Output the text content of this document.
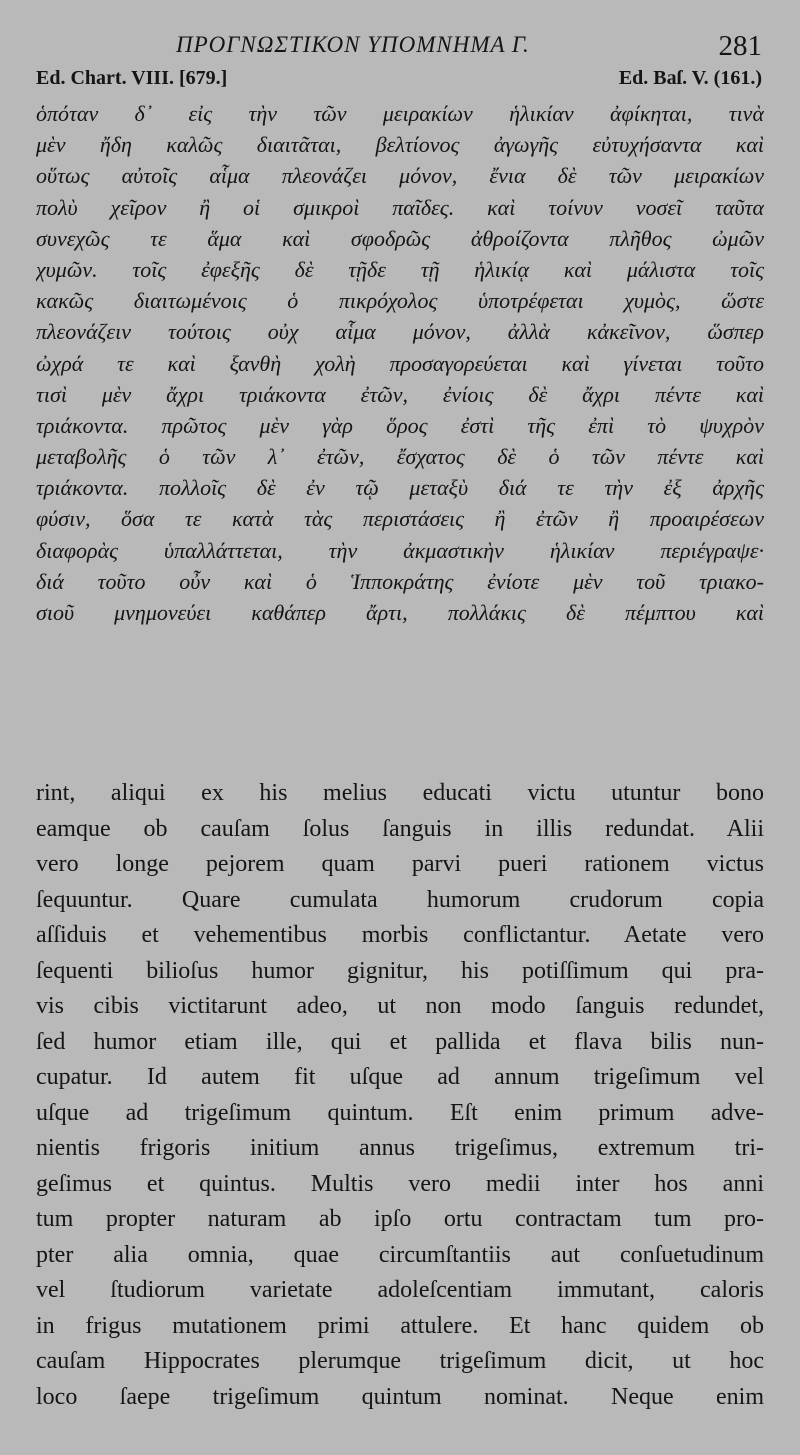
ΠΡΟΓΝΩΣΤΙΚΟΝ ΥΠΟΜΝΗΜΑ Γ.	281
Ed. Chart. VIII. [679.]	Ed. Baſ. V. (161.)
ὁπόταν δ᾽ εἰς τὴν τῶν μειρακίων ἡλικίαν ἀφίκηται, τινὰ
μὲν ἤδη καλῶς διαιτᾶται, βελτίονος ἀγωγῆς εὐτυχήσαντα καὶ
οὕτως αὐτοῖς αἷμα πλεονάζει μόνον, ἔνια δὲ τῶν μειρακίων
πολὺ χεῖρον ἢ οἱ σμικροὶ παῖδες. καὶ τοίνυν νοσεῖ ταῦτα
συνεχῶς τε ἅμα καὶ σφοδρῶς ἀθροίζοντα πλῆθος ὠμῶν
χυμῶν. τοῖς ἐφεξῆς δὲ τῇδε τῇ ἡλικίᾳ καὶ μάλιστα τοῖς
κακῶς διαιτωμένοις ὁ πικρόχολος ὑποτρέφεται χυμὸς, ὥστε
πλεονάζειν τούτοις οὐχ αἷμα μόνον, ἀλλὰ κἀκεῖνον, ὥσπερ
ὠχρά τε καὶ ξανθὴ χολὴ προσαγορεύεται καὶ γίνεται τοῦτο
τισὶ μὲν ἄχρι τριάκοντα ἐτῶν, ἐνίοις δὲ ἄχρι πέντε καὶ
τριάκοντα. πρῶτος μὲν γὰρ ὅρος ἐστὶ τῆς ἐπὶ τὸ ψυχρὸν
μεταβολῆς ὁ τῶν λ᾽ ἐτῶν, ἔσχατος δὲ ὁ τῶν πέντε καὶ
τριάκοντα. πολλοῖς δὲ ἐν τῷ μεταξὺ διά τε τὴν ἐξ ἀρχῆς
φύσιν, ὅσα τε κατὰ τὰς περιστάσεις ἢ ἐτῶν ἢ προαιρέσεων
διαφορὰς ὑπαλλάττεται, τὴν ἀκμαστικὴν ἡλικίαν περιέγραψε·
διά τοῦτο οὖν καὶ ὁ Ἱπποκράτης ἐνίοτε μὲν τοῦ τριακο-
σιοῦ μνημονεύει καθάπερ ἄρτι, πολλάκις δὲ πέμπτου καὶ
rint, aliqui ex his melius educati victu utuntur bono
eamque ob cauſam ſolus ſanguis in illis redundat. Alii
vero longe pejorem quam parvi pueri rationem victus
ſequuntur. Quare cumulata humorum crudorum copia
aſſiduis et vehementibus morbis conflictantur. Aetate vero
ſequenti bilioſus humor gignitur, his potiſſimum qui pra-
vis cibis victitarunt adeo, ut non modo ſanguis redundet,
ſed humor etiam ille, qui et pallida et flava bilis nun-
cupatur. Id autem fit uſque ad annum trigeſimum vel
uſque ad trigeſimum quintum. Eſt enim primum adve-
nientis frigoris initium annus trigeſimus, extremum tri-
geſimus et quintus. Multis vero medii inter hos anni
tum propter naturam ab ipſo ortu contractam tum pro-
pter alia omnia, quae circumſtantiis aut conſuetudinum
vel ſtudiorum varietate adoleſcentiam immutant, caloris
in frigus mutationem primi attulere. Et hanc quidem ob
cauſam Hippocrates plerumque trigeſimum dicit, ut hoc
loco ſaepe trigeſimum quintum nominat. Neque enim
